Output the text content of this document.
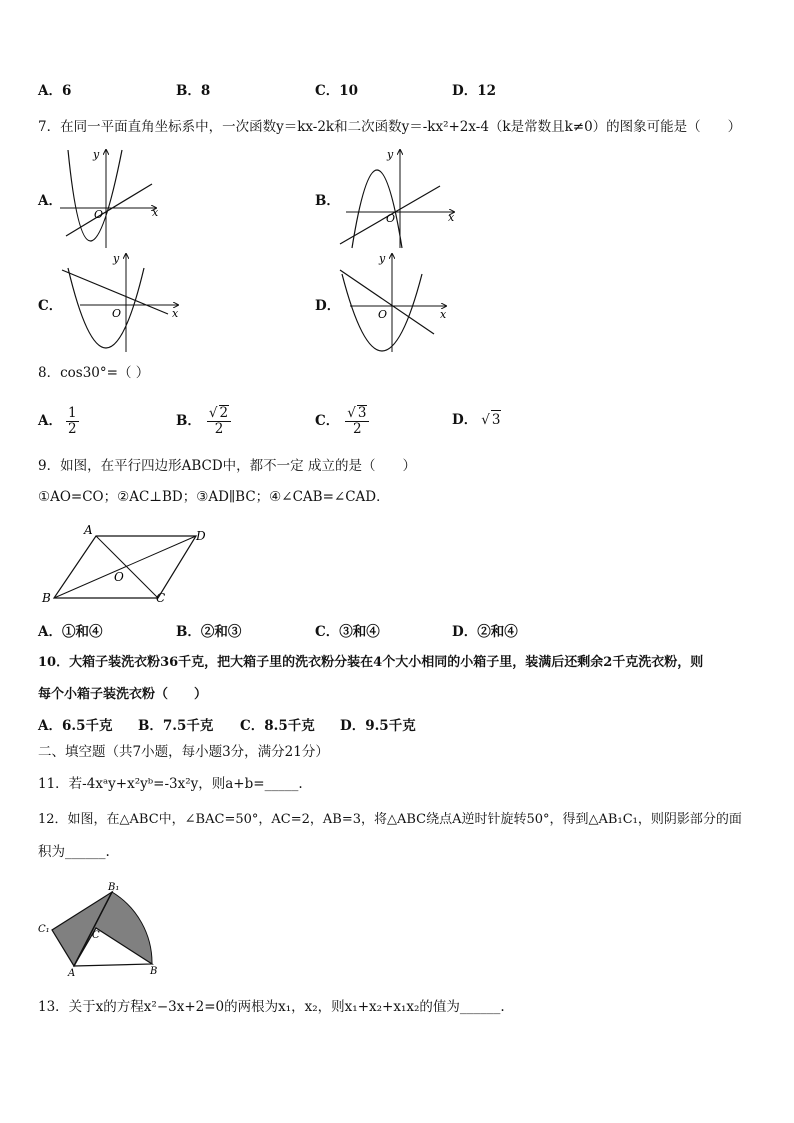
A．6	B．8	C．10	D．12
7．在同一平面直角坐标系中，一次函数y＝kx-2k和二次函数y＝-kx²+2x-4（k是常数且k≠0）的图象可能是（　　）
A．	B．
C．	D．
O	x
y
O	x
y
O	x
y
O	x
y
8．cos30°=（ ）
A． $\frac{1}{2}$	B． $\frac{√ 2}{2}$	C． $\frac{√ 3}{2}$	D． √ 3
9．如图，在平行四边形ABCD中，都不一定 成立的是（　　）
①AO=CO；②AC⊥BD；③AD∥BC；④∠CAB=∠CAD．
A	D
B	C
O
A．①和④	B．②和③	C．③和④	D．②和④
10．大箱子装洗衣粉36千克，把大箱子里的洗衣粉分装在4个大小相同的小箱子里，装满后还剩余2千克洗衣粉，则
每个小箱子装洗衣粉（　　）
A．6.5千克 B．7.5千克 C．8.5千克 D．9.5千克
二、填空题（共7小题，每小题3分，满分21分）
11．若-4xᵃy+x²yᵇ=-3x²y，则a+b=_____.
12．如图，在△ABC中，∠BAC=50°，AC=2，AB=3，将△ABC绕点A逆时针旋转50°，得到△AB₁C₁，则阴影部分的面
积为______.
B₁
C₁
C
A	B
13．关于x的方程x²−3x+2=0的两根为x₁，x₂，则x₁+x₂+x₁x₂的值为______.
